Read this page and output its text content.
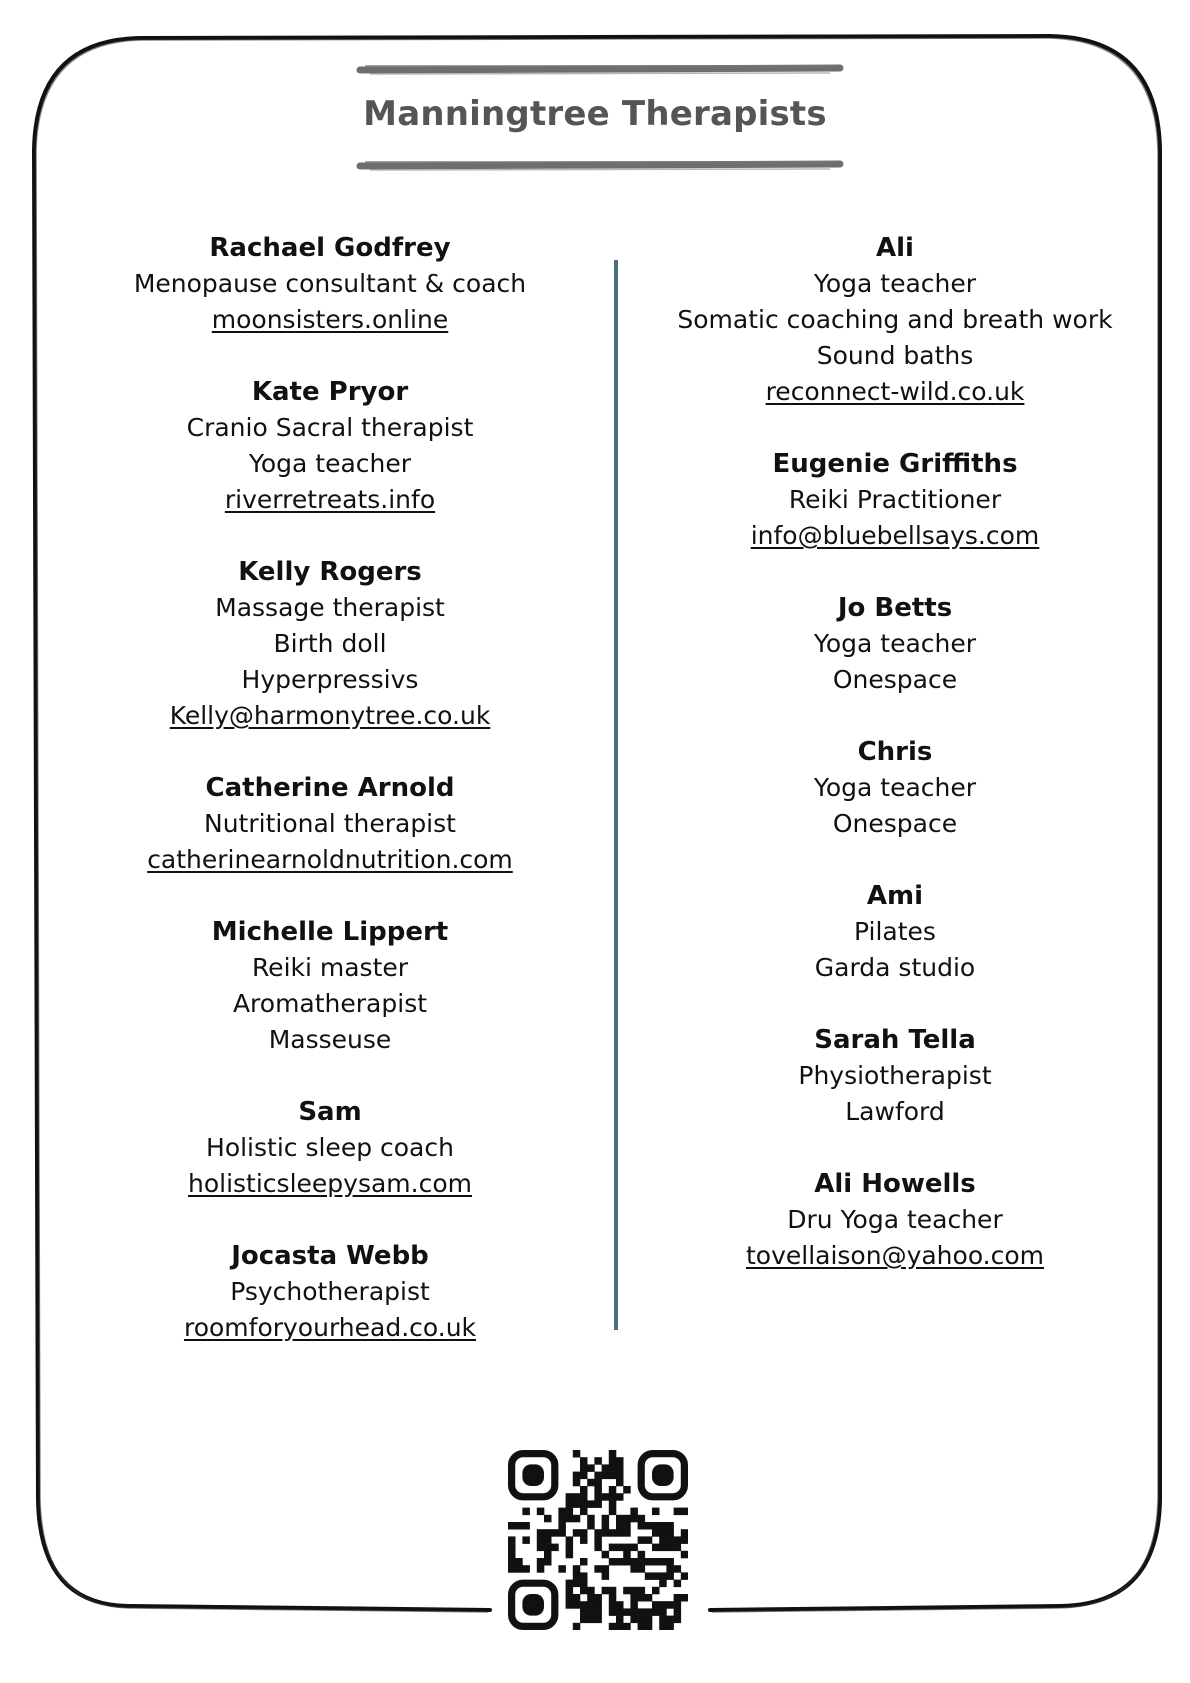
Manningtree Therapists
Rachael Godfrey
Menopause consultant & coach
moonsisters.online
Kate Pryor
Cranio Sacral therapist
Yoga teacher
riverretreats.info
Kelly Rogers
Massage therapist
Birth doll
Hyperpressivs
Kelly@harmonytree.co.uk
Catherine Arnold
Nutritional therapist
catherinearnoldnutrition.com
Michelle Lippert
Reiki master
Aromatherapist
Masseuse
Sam
Holistic sleep coach
holisticsleepysam.com
Jocasta Webb
Psychotherapist
roomforyourhead.co.uk
Ali
Yoga teacher
Somatic coaching and breath work
Sound baths
reconnect-wild.co.uk
Eugenie Griffiths
Reiki Practitioner
info@bluebellsays.com
Jo Betts
Yoga teacher
Onespace
Chris
Yoga teacher
Onespace
Ami
Pilates
Garda studio
Sarah Tella
Physiotherapist
Lawford
Ali Howells
Dru Yoga teacher
tovellaison@yahoo.com
